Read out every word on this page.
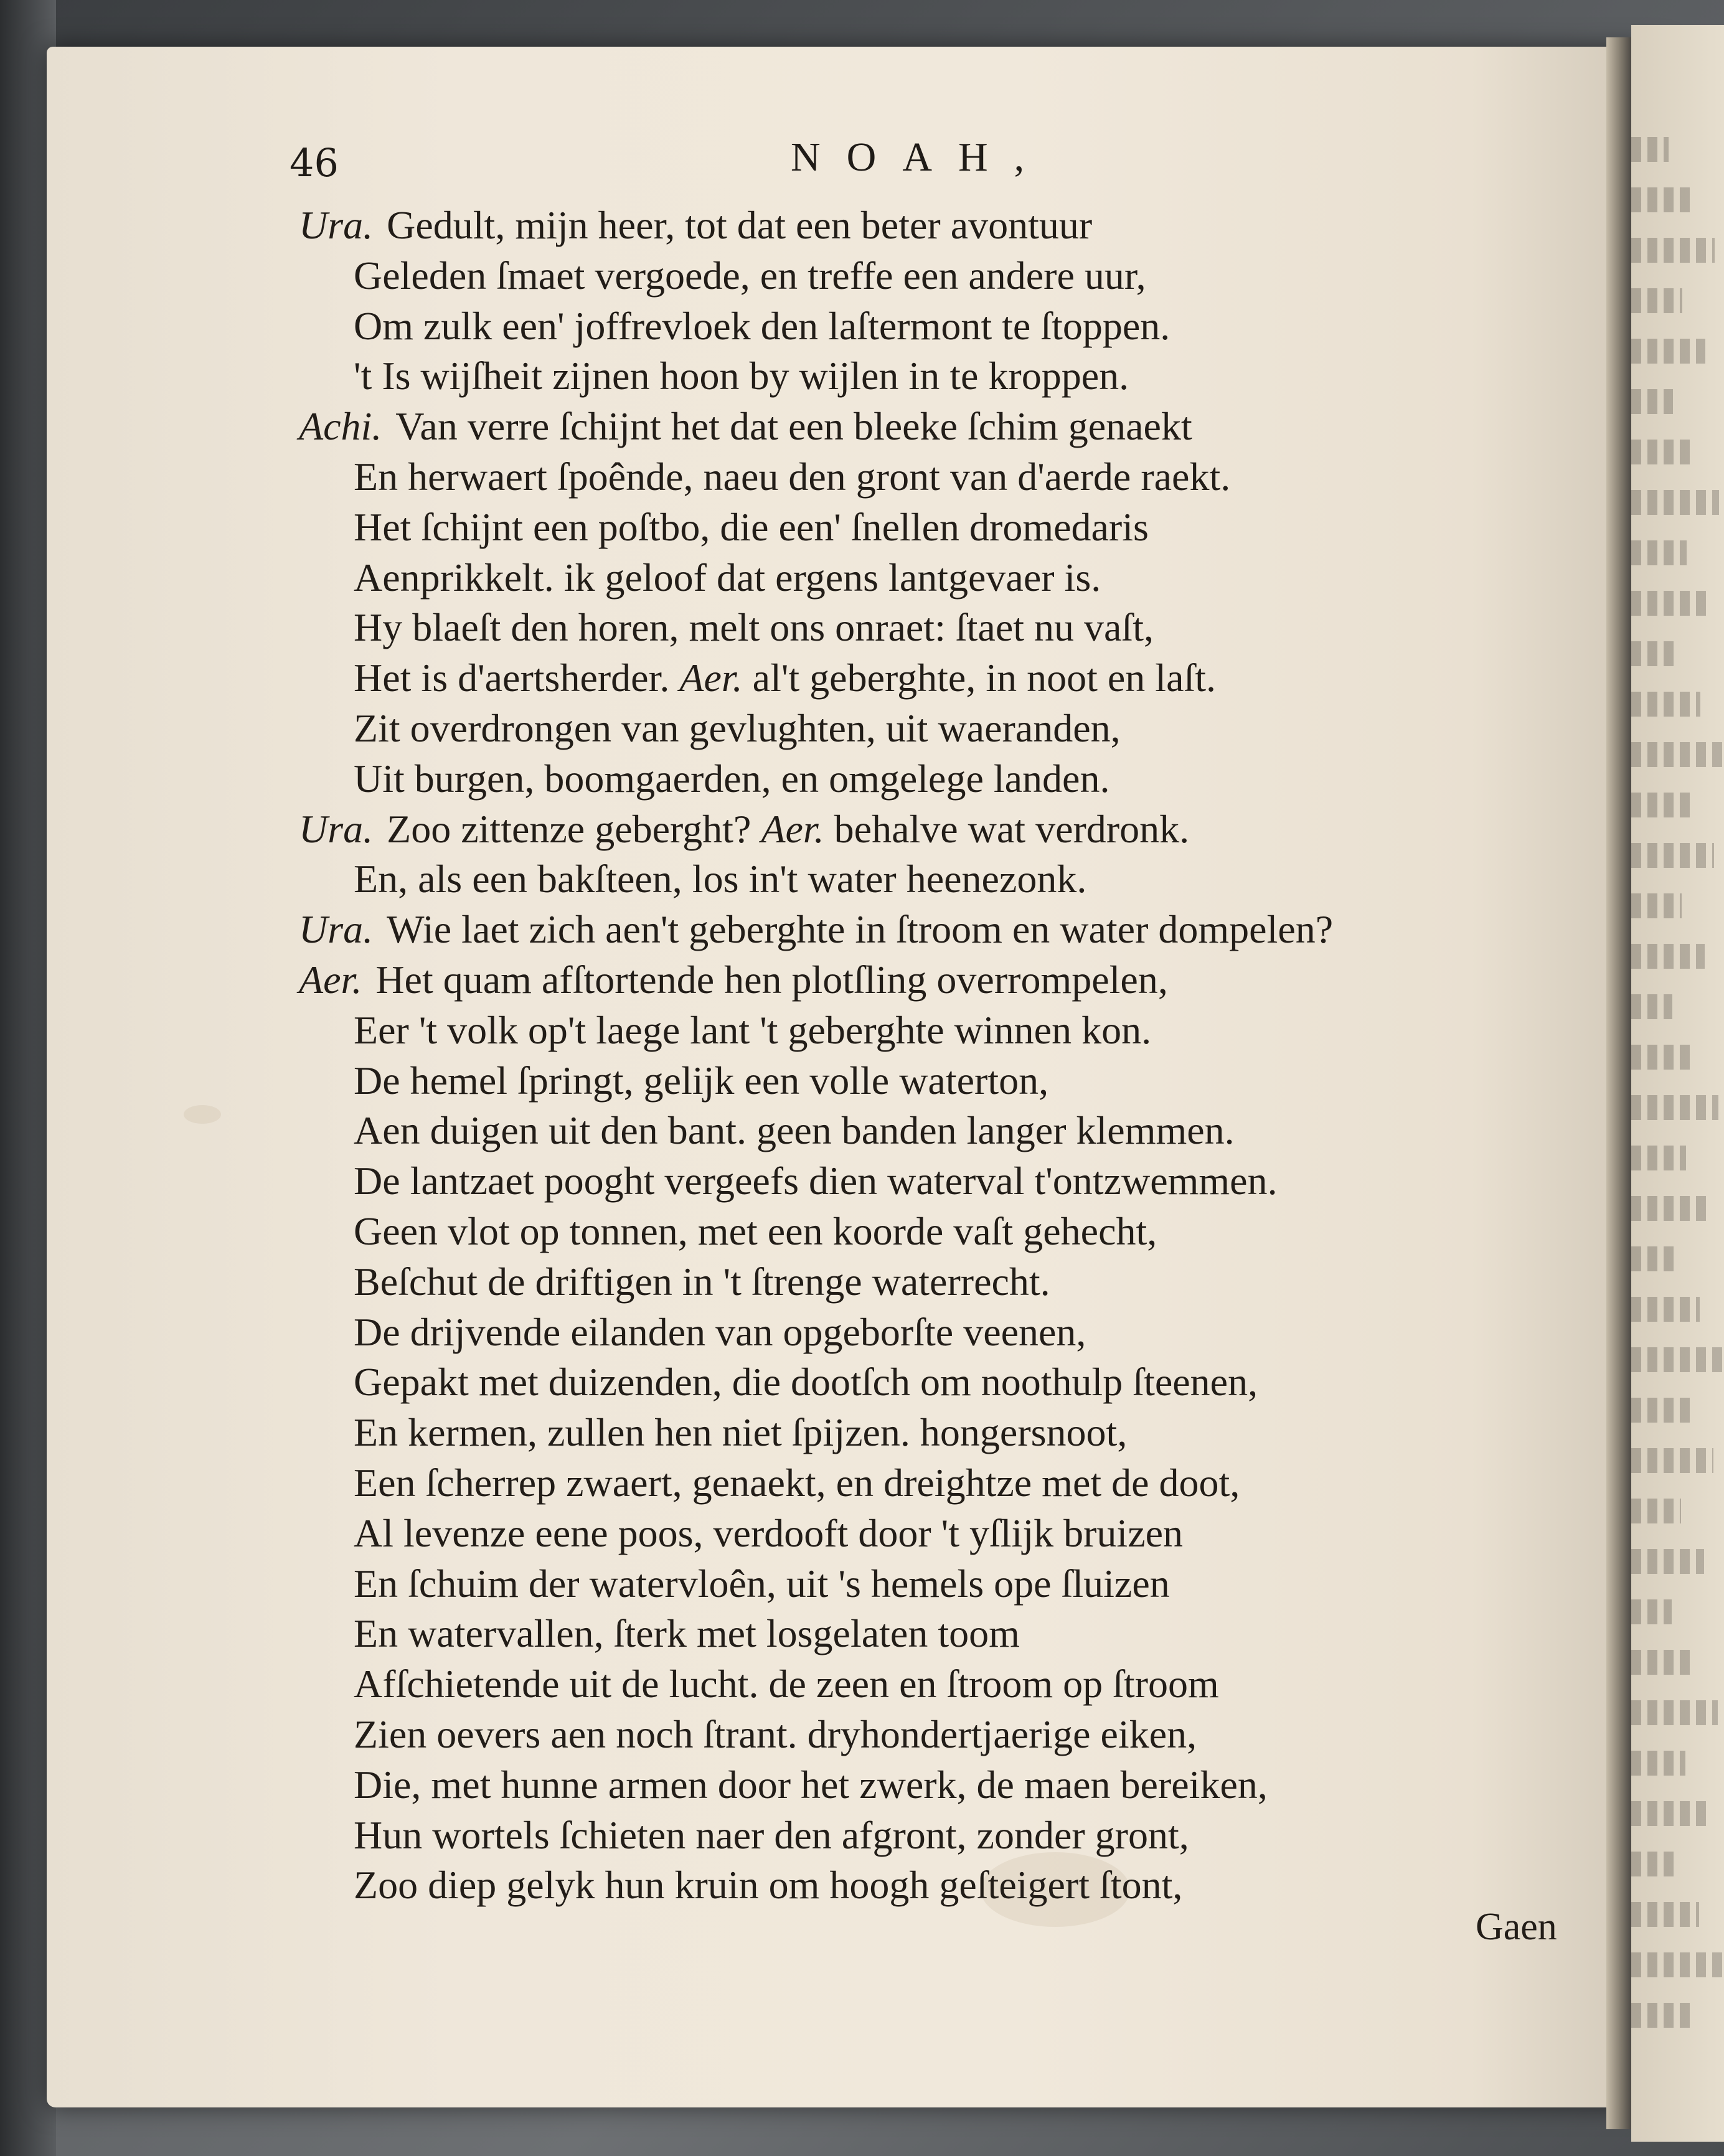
46	NOAH,
Ura. Gedult, mijn heer, tot dat een beter avontuur
Geleden ſmaet vergoede, en treffe een andere uur,
Om zulk een' joffrevloek den laſtermont te ſtoppen.
't Is wijſheit zijnen hoon by wijlen in te kroppen.
Achi. Van verre ſchijnt het dat een bleeke ſchim genaekt
En herwaert ſpoênde, naeu den gront van d'aerde raekt.
Het ſchijnt een poſtbo, die een' ſnellen dromedaris
Aenprikkelt. ik geloof dat ergens lantgevaer is.
Hy blaeſt den horen, melt ons onraet: ſtaet nu vaſt,
Het is d'aertsherder. Aer. al't geberghte, in noot en laſt.
Zit overdrongen van gevlughten, uit waeranden,
Uit burgen, boomgaerden, en omgelege landen.
Ura. Zoo zittenze geberght? Aer. behalve wat verdronk.
En, als een bakſteen, los in't water heenezonk.
Ura. Wie laet zich aen't geberghte in ſtroom en water dompelen?
Aer. Het quam afſtortende hen plotſling overrompelen,
Eer 't volk op't laege lant 't geberghte winnen kon.
De hemel ſpringt, gelijk een volle waterton,
Aen duigen uit den bant. geen banden langer klemmen.
De lantzaet pooght vergeefs dien waterval t'ontzwemmen.
Geen vlot op tonnen, met een koorde vaſt gehecht,
Beſchut de driftigen in 't ſtrenge waterrecht.
De drijvende eilanden van opgeborſte veenen,
Gepakt met duizenden, die dootſch om noothulp ſteenen,
En kermen, zullen hen niet ſpijzen. hongersnoot,
Een ſcherrep zwaert, genaekt, en dreightze met de doot,
Al levenze eene poos, verdooft door 't yſlijk bruizen
En ſchuim der watervloên, uit 's hemels ope ſluizen
En watervallen, ſterk met losgelaten toom
Afſchietende uit de lucht. de zeen en ſtroom op ſtroom
Zien oevers aen noch ſtrant. dryhondertjaerige eiken,
Die, met hunne armen door het zwerk, de maen bereiken,
Hun wortels ſchieten naer den afgront, zonder gront,
Zoo diep gelyk hun kruin om hoogh geſteigert ſtont,
Gaen
